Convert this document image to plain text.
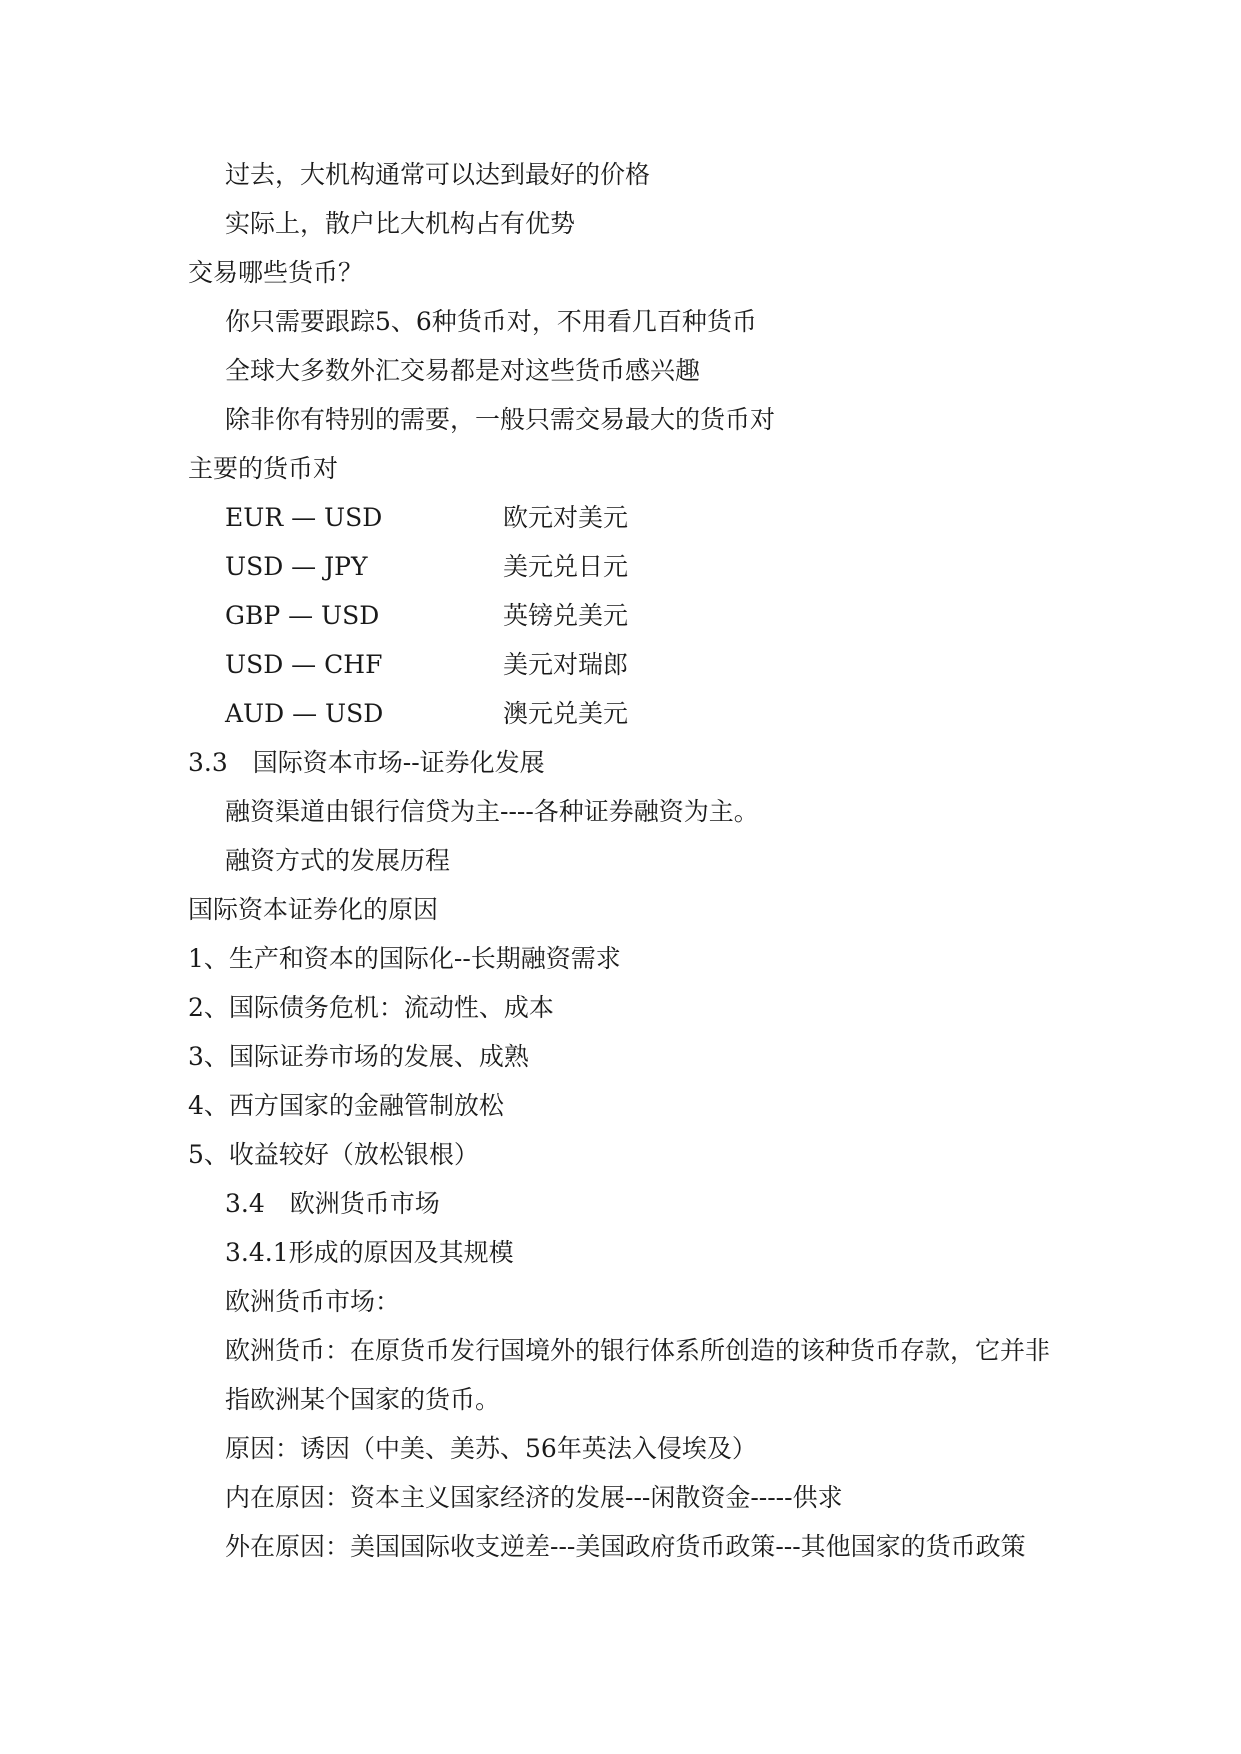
过去，大机构通常可以达到最好的价格
实际上，散户比大机构占有优势
交易哪些货币？
你只需要跟踪5、6种货币对，不用看几百种货币
全球大多数外汇交易都是对这些货币感兴趣
除非你有特别的需要，一般只需交易最大的货币对
主要的货币对
EUR — USD	欧元对美元
USD — JPY	美元兑日元
GBP — USD	英镑兑美元
USD — CHF	美元对瑞郎
AUD — USD	澳元兑美元
3.3　国际资本市场--证券化发展
融资渠道由银行信贷为主----各种证券融资为主。
融资方式的发展历程
国际资本证券化的原因
1、生产和资本的国际化--长期融资需求
2、国际债务危机：流动性、成本
3、国际证券市场的发展、成熟
4、西方国家的金融管制放松
5、收益较好（放松银根）
3.4　欧洲货币市场
3.4.1形成的原因及其规模
欧洲货币市场：
欧洲货币：在原货币发行国境外的银行体系所创造的该种货币存款，它并非
指欧洲某个国家的货币。
原因：诱因（中美、美苏、56年英法入侵埃及）
内在原因：资本主义国家经济的发展---闲散资金-----供求
外在原因：美国国际收支逆差---美国政府货币政策---其他国家的货币政策
